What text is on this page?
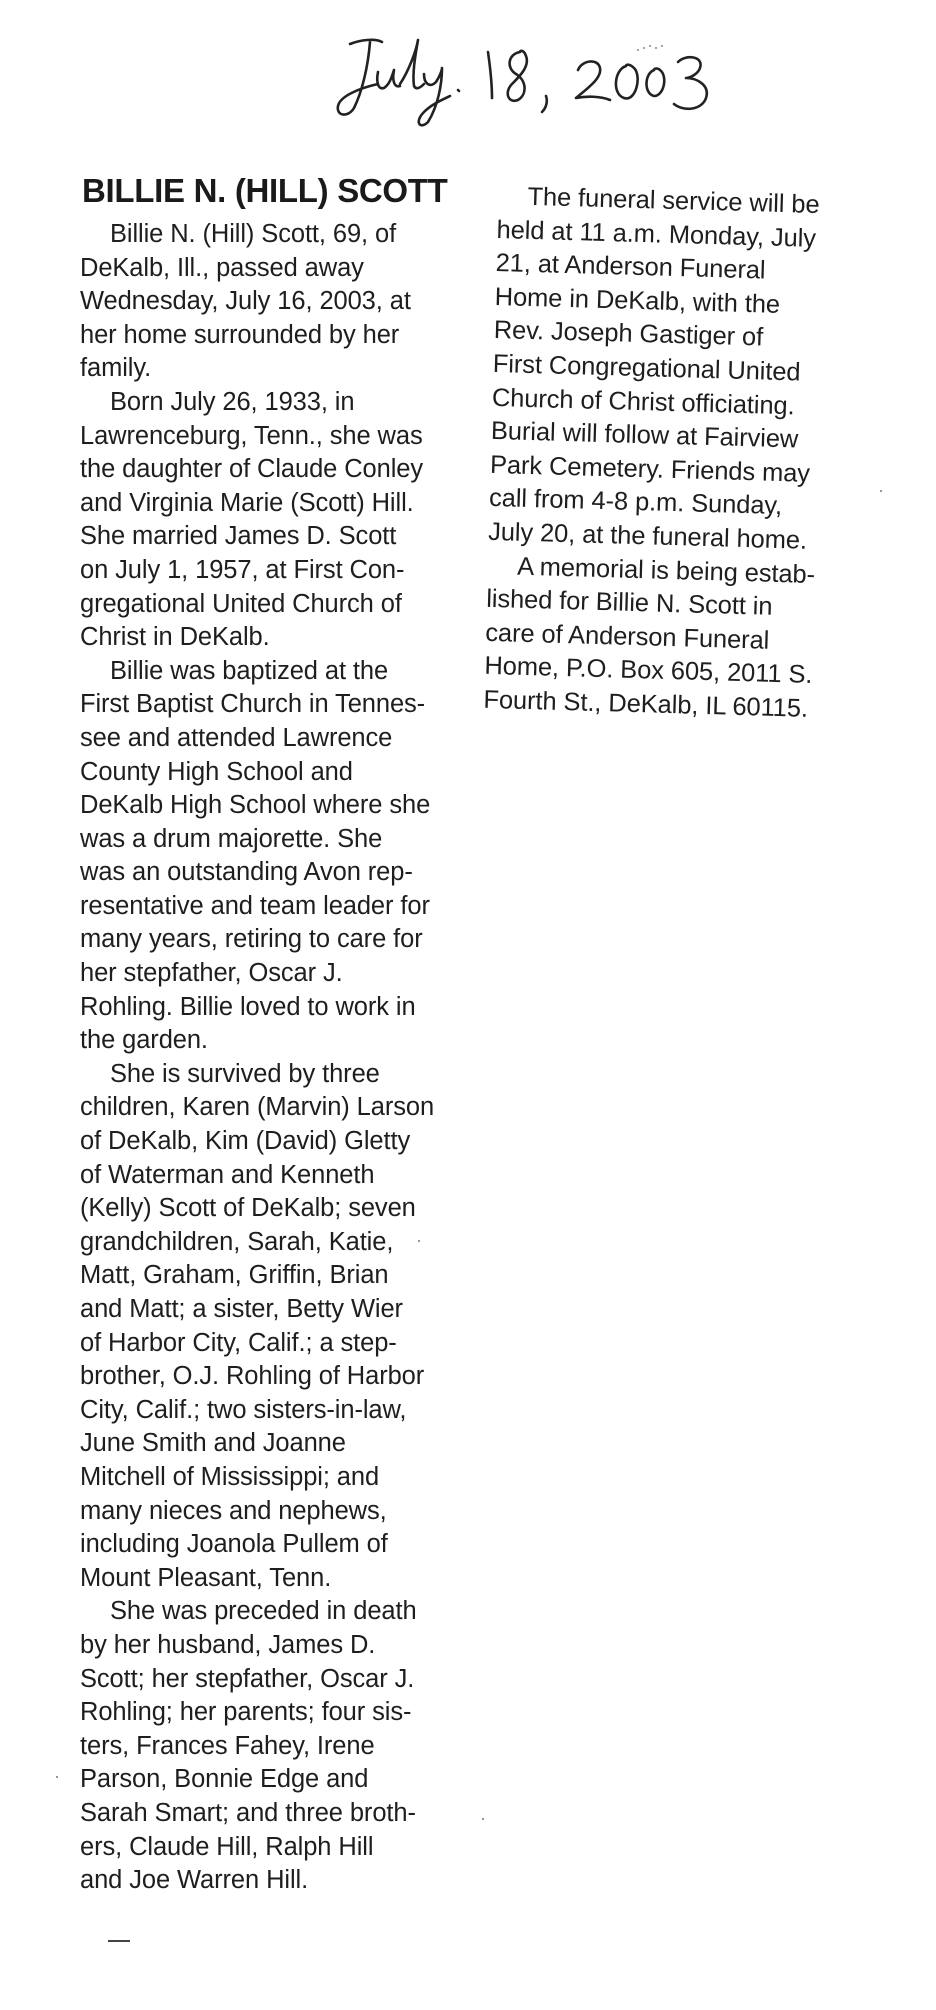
BILLIE N. (HILL) SCOTT

Billie N. (Hill) Scott, 69, of
DeKalb, Ill., passed away
Wednesday, July 16, 2003, at
her home surrounded by her
family.

Born July 26, 1933, in
Lawrenceburg, Tenn., she was
the daughter of Claude Conley
and Virginia Marie (Scott) Hill.
She married James D. Scott
on July 1, 1957, at First Con-
gregational United Church of
Christ in DeKalb.

Billie was baptized at the
First Baptist Church in Tennes-
see and attended Lawrence
County High School and
DeKalb High School where she
was a drum majorette. She
was an outstanding Avon rep-
resentative and team leader for
many years, retiring to care for
her stepfather, Oscar J.
Rohling. Billie loved to work in
the garden.

She is survived by three
children, Karen (Marvin) Larson
of DeKalb, Kim (David) Gletty
of Waterman and Kenneth
(Kelly) Scott of DeKalb; seven
grandchildren, Sarah, Katie,
Matt, Graham, Griffin, Brian
and Matt; a sister, Betty Wier
of Harbor City, Calif.; a step-
brother, O.J. Rohling of Harbor
City, Calif.; two sisters-in-law,
June Smith and Joanne
Mitchell of Mississippi; and
many nieces and nephews,
including Joanola Pullem of
Mount Pleasant, Tenn.

She was preceded in death
by her husband, James D.
Scott; her stepfather, Oscar J.
Rohling; her parents; four sis-
ters, Frances Fahey, Irene
Parson, Bonnie Edge and
Sarah Smart; and three broth-
ers, Claude Hill, Ralph Hill
and Joe Warren Hill.

The funeral service will be
held at 11 a.m. Monday, July
21, at Anderson Funeral
Home in DeKalb, with the
Rev. Joseph Gastiger of
First Congregational United
Church of Christ officiating.
Burial will follow at Fairview
Park Cemetery. Friends may
call from 4-8 p.m. Sunday,
July 20, at the funeral home.

A memorial is being estab-
lished for Billie N. Scott in
care of Anderson Funeral
Home, P.O. Box 605, 2011 S.
Fourth St., DeKalb, IL 60115.
